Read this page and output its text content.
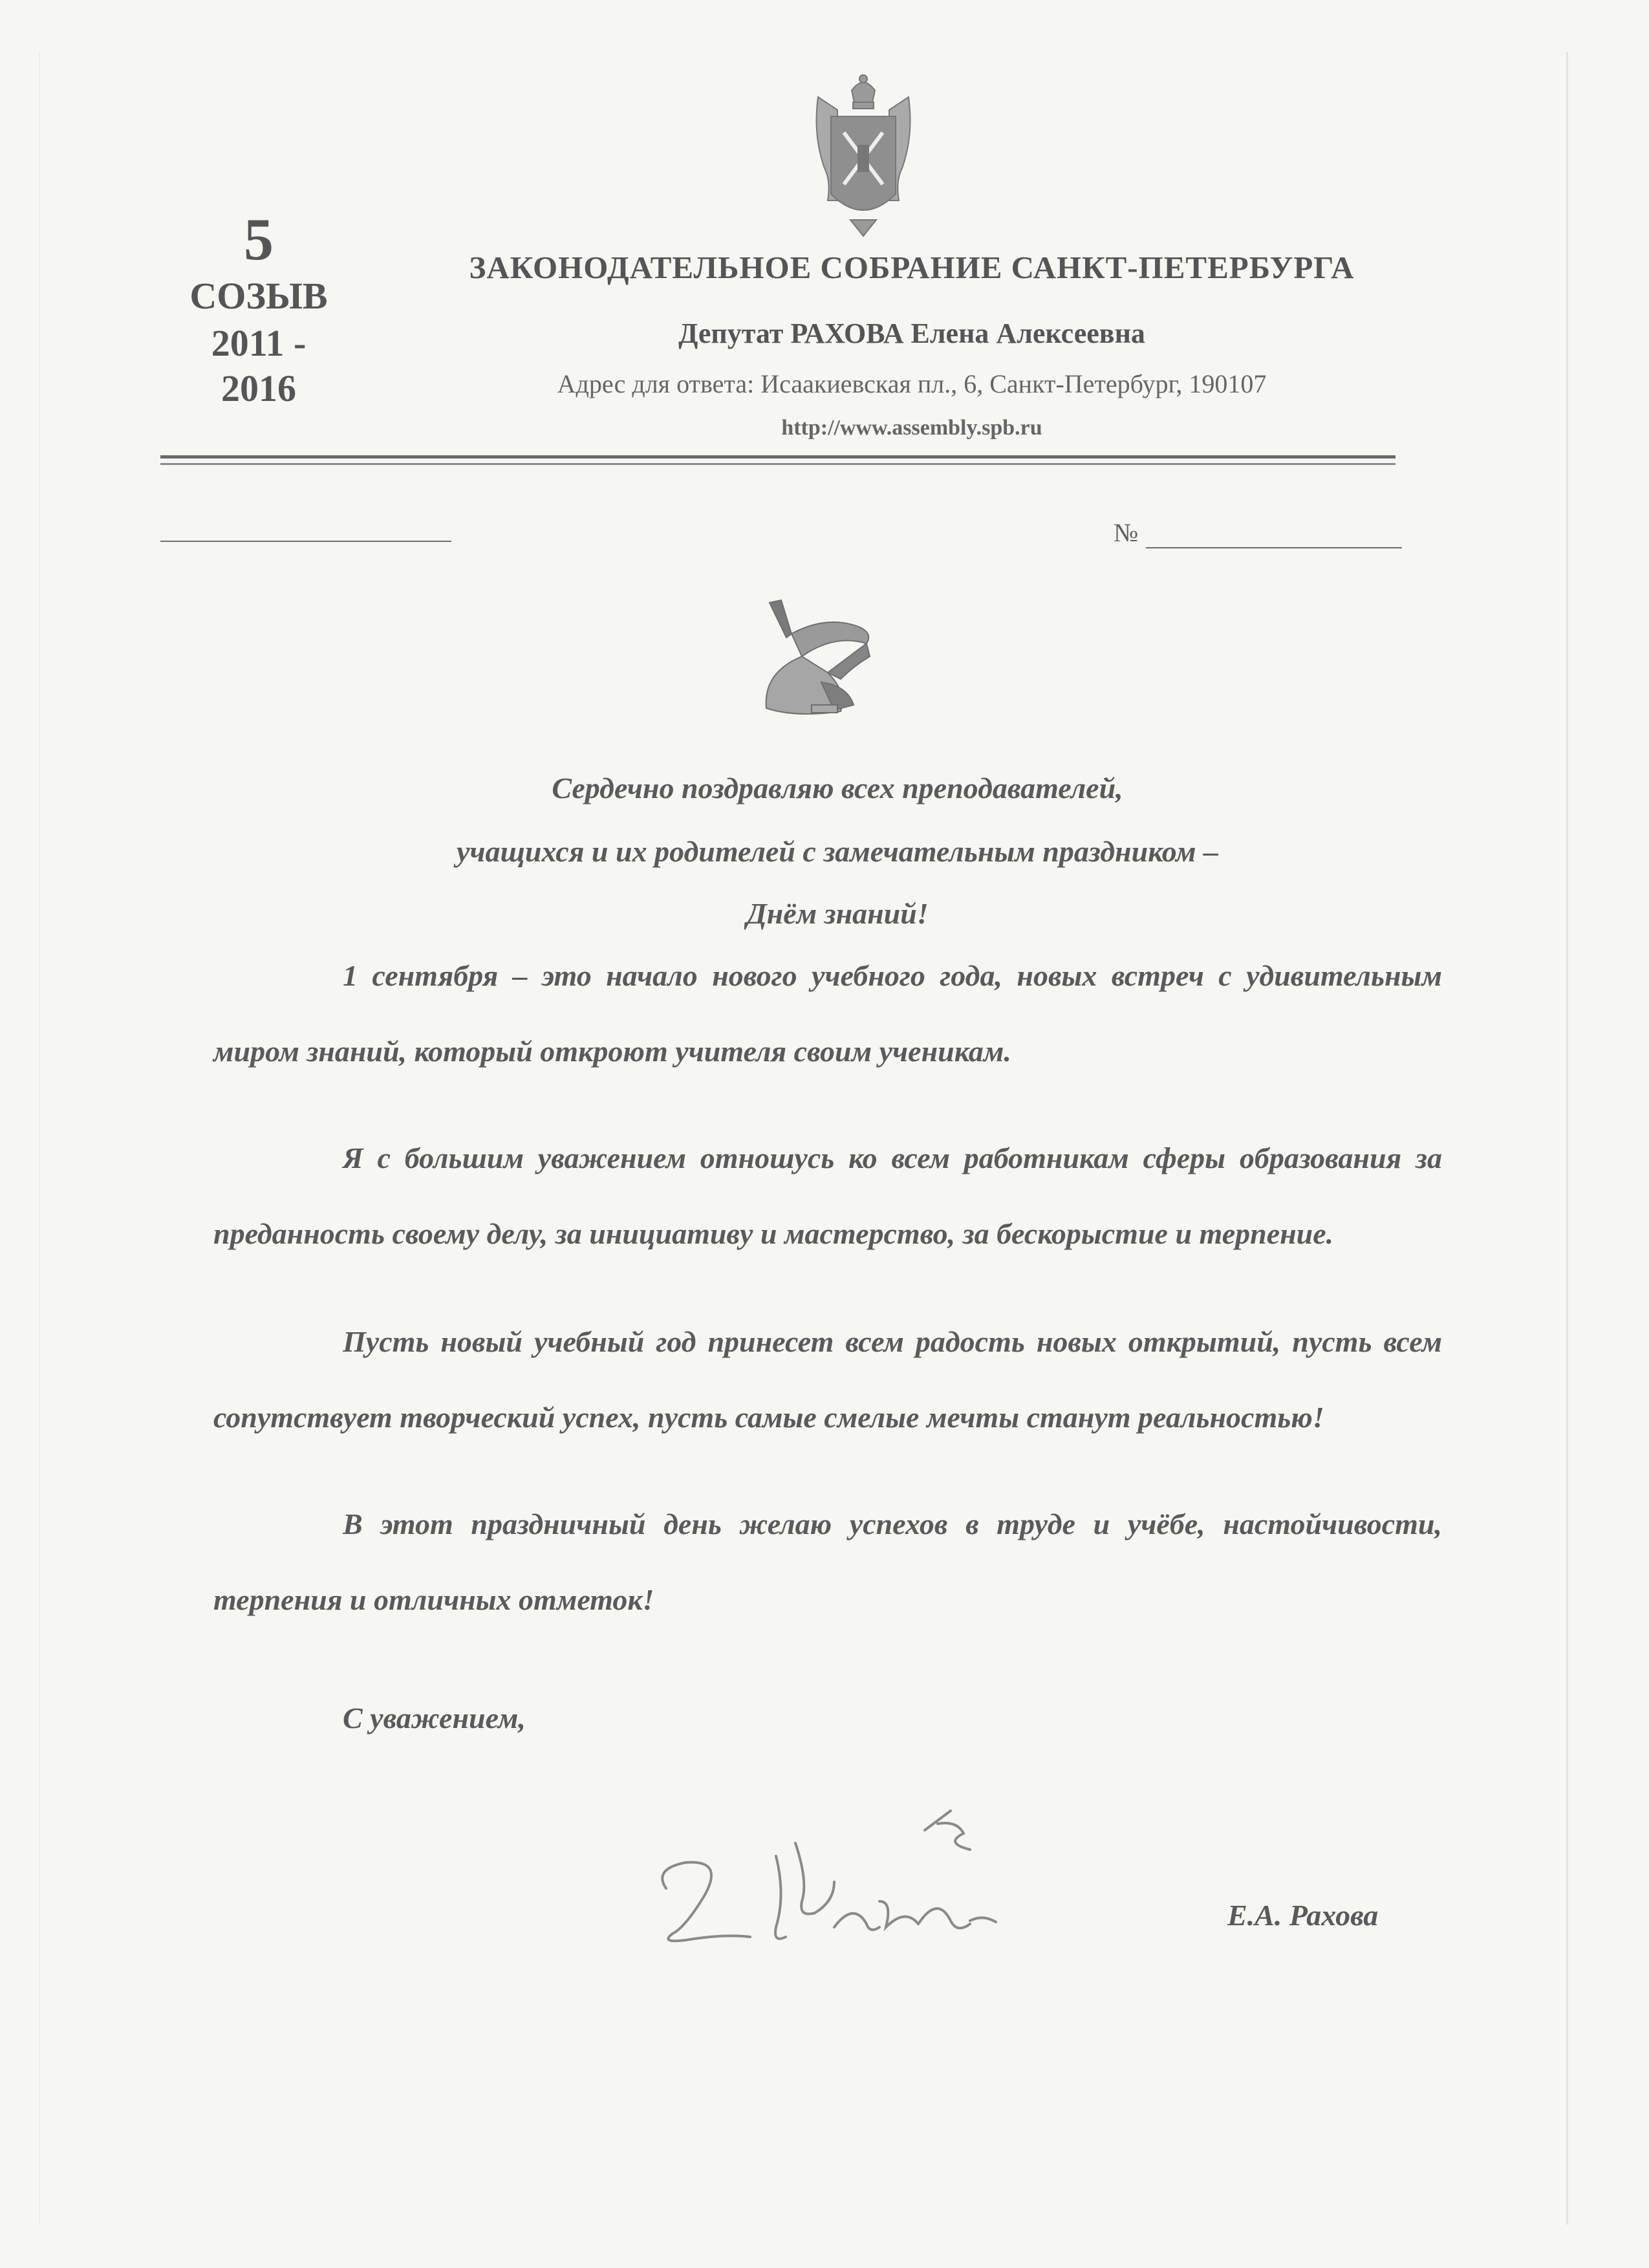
5
СОЗЫВ
2011 -
2016
ЗАКОНОДАТЕЛЬНОЕ СОБРАНИЕ САНКТ-ПЕТЕРБУРГА
Депутат РАХОВА Елена Алексеевна
Адрес для ответа: Исаакиевская пл., 6, Санкт-Петербург, 190107
http://www.assembly.spb.ru
№
Сердечно поздравляю всех преподавателей,
учащихся и их родителей с замечательным праздником –
Днём знаний!
1 сентября – это начало нового учебного года, новых встреч с удивительным миром знаний, который откроют учителя своим ученикам.
Я с большим уважением отношусь ко всем работникам сферы образования за преданность своему делу, за инициативу и мастерство, за бескорыстие и терпение.
Пусть новый учебный год принесет всем радость новых открытий, пусть всем сопутствует творческий успех, пусть самые смелые мечты станут реальностью!
В этот праздничный день желаю успехов в труде и учёбе, настойчивости, терпения и отличных отметок!
С уважением,
Е.А. Рахова
